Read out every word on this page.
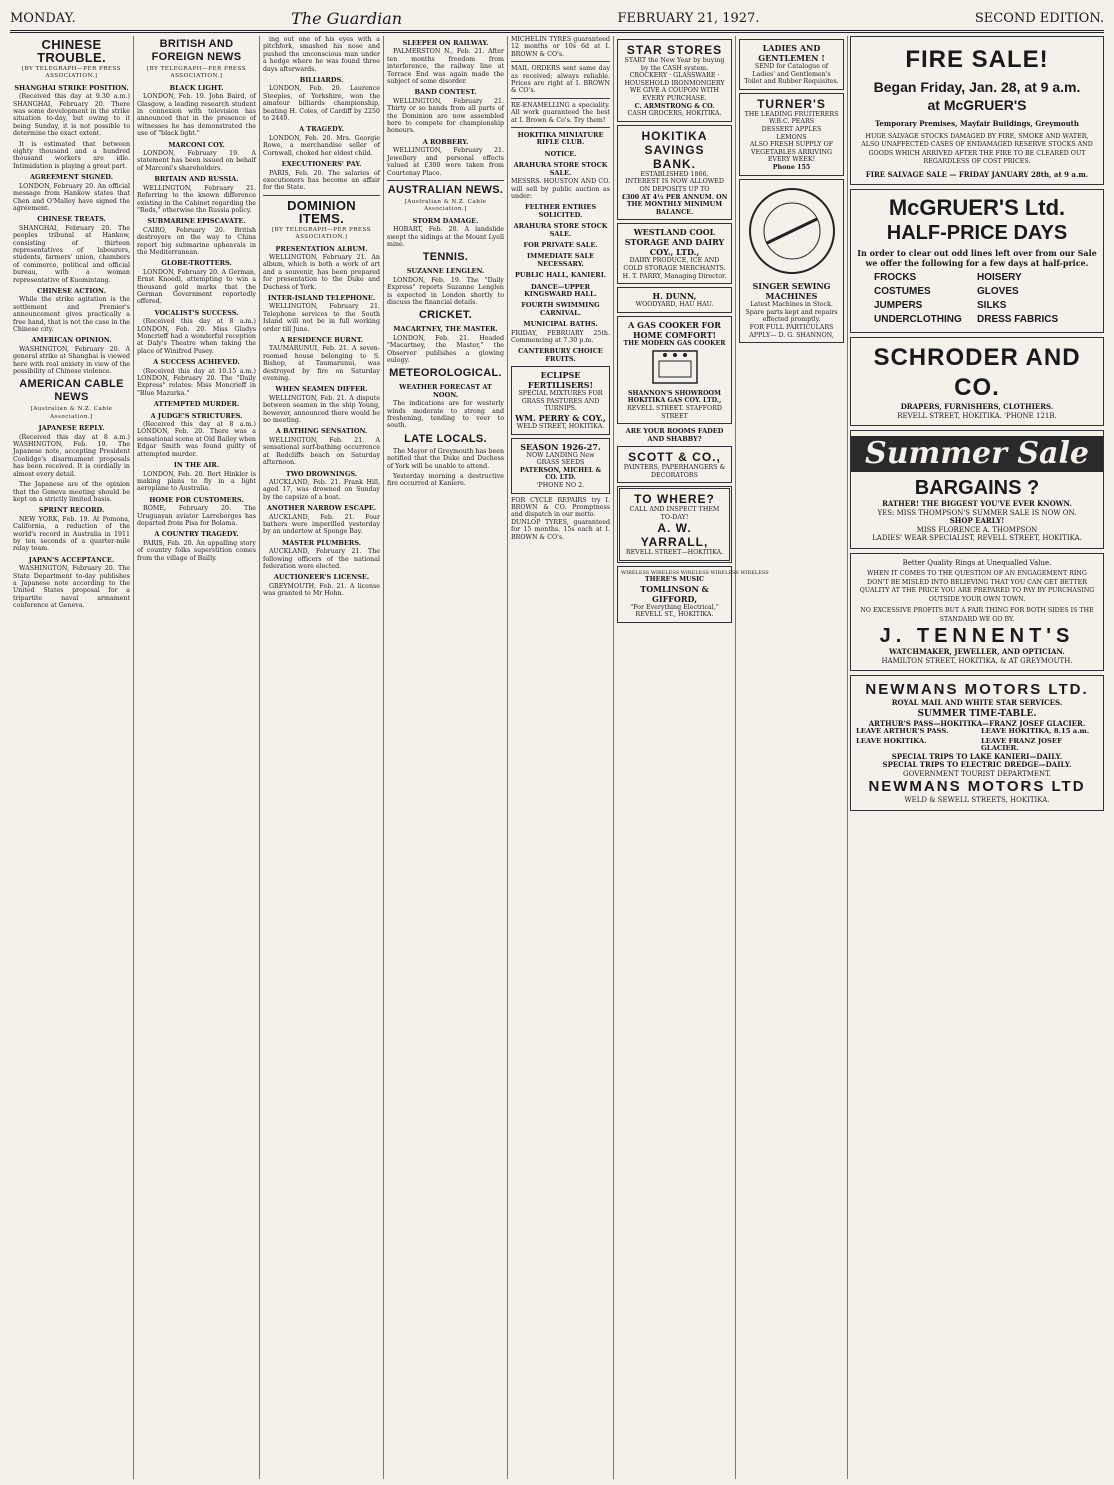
MONDAY.	The Guardian	FEBRUARY 21, 1927.	SECOND EDITION.
CHINESE TROUBLE.
[BY TELEGRAPH—PER PRESS ASSOCIATION.]
SHANGHAI STRIKE POSITION.

(Received this day at 9.30 a.m.) SHANGHAI, February 20. There was some development in the strike situation to-day, but owing to it being Sunday, it is not possible to determine the exact extent.

It is estimated that between eighty thousand and a hundred thousand workers are idle. Intimidation is playing a great part.

AGREEMENT SIGNED.

LONDON, February 20. An official message from Hankow states that Chen and O'Malley have signed the agreement.

CHINESE TREATS.

SHANGHAI, February 20. The peoples tribunal at Hankow, consisting of thirteen representatives of labourers, students, farmers' union, chambers of commerce, political and official bureau, with a woman representative of Kuomintang.

CHINESE ACTION.

While the strike agitation is the settlement and Premier's announcement gives practically a free hand, that is not the case in the Chinese city.

AMERICAN OPINION.

WASHINGTON, February 20. A general strike at Shanghai is viewed here with real anxiety in view of the possibility of Chinese violence.

AMERICAN CABLE NEWS
[Australian & N.Z. Cable Association.]
JAPANESE REPLY.

(Received this day at 8 a.m.) WASHINGTON, Feb. 19. The Japanese note, accepting President Coolidge's disarmament proposals has been received. It is cordially in almost every detail.

The Japanese are of the opinion that the Geneva meeting should be kept on a strictly limited basis.

SPRINT RECORD.

NEW YORK, Feb. 19. At Pomona, California, a reduction of the world's record in Australia in 1911 by ten seconds of a quarter-mile relay team.

JAPAN'S ACCEPTANCE.

WASHINGTON, February 20. The State Department to-day publishes a Japanese note according to the United States proposal for a tripartite naval armament conference at Geneva.

BRITISH AND FOREIGN NEWS
[BY TELEGRAPH—PER PRESS ASSOCIATION.]
BLACK LIGHT.

LONDON, Feb. 19. John Baird, of Glasgow, a leading research student in connexion with television has announced that in the presence of witnesses he has demonstrated the use of "black light."

MARCONI COY.

LONDON, February 19. A statement has been issued on behalf of Marconi's shareholders.

BRITAIN AND RUSSIA.

WELLINGTON, February 21. Referring to the known difference existing in the Cabinet regarding the "Reds," otherwise the Russia policy.

SUBMARINE EPISCAVATE.

CAIRO, February 20. British destroyers on the way to China report big submarine upheavals in the Mediterranean.

GLOBE-TROTTERS.

LONDON, February 20. A German, Ernst Knoedl, attempting to win a thousand gold marks that the German Government reportedly offered.

VOCALIST'S SUCCESS.

(Received this day at 8 a.m.) LONDON, Feb. 20. Miss Gladys Moncrieff had a wonderful reception at Daly's Theatre when taking the place of Winifred Pusey.

A SUCCESS ACHIEVED.

(Received this day at 10.15 a.m.) LONDON, February 20. The "Daily Express" relates: Miss Moncrieff in "Blue Mazurka."

ATTEMPTED MURDER.
A JUDGE'S STRICTURES.

(Received this day at 8 a.m.) LONDON, Feb. 20. There was a sensational scene at Old Bailey when Edgar Smith was found guilty of attempted murder.

IN THE AIR.

LONDON, Feb. 20. Bert Hinkler is making plans to fly in a light aeroplane to Australia.

HOME FOR CUSTOMERS.

ROME, February 20. The Uruguayan aviator Larreborges has departed from Pisa for Bolama.

A COUNTRY TRAGEDY.

PARIS, Feb. 20. An appalling story of country folks superstition comes from the village of Bailly.

ing out one of his eyes with a pitchfork, smashed his nose and pushed the unconscious man under a hedge where he was found three days afterwards.

BILLIARDS.

LONDON, Feb. 20. Laurence Steeples, of Yorkshire, won the amateur billiards championship, beating H. Coles, of Cardiff by 2250 to 2449.

A TRAGEDY.

LONDON, Feb. 20. Mrs. Georgie Rowe, a merchandise seller of Cornwall, choked her eldest child.

EXECUTIONERS' PAY.

PARIS, Feb. 20. The salaries of executioners has become an affair for the State.

DOMINION ITEMS.
[BY TELEGRAPH—PER PRESS ASSOCIATION.]
PRESENTATION ALBUM.

WELLINGTON, February 21. An album, which is both a work of art and a souvenir, has been prepared for presentation to the Duke and Duchess of York.

INTER-ISLAND TELEPHONE.

WELLINGTON, February 21. Telephone services to the South Island will not be in full working order till June.

A RESIDENCE BURNT.

TAUMARUNUI, Feb. 21. A seven-roomed house belonging to S. Bishop, at Taumarunui, was destroyed by fire on Saturday evening.

WHEN SEAMEN DIFFER.

WELLINGTON, Feb. 21. A dispute between seamen in the ship Young, however, announced there would be no meeting.

A BATHING SENSATION.

WELLINGTON, Feb. 21. A sensational surf-bathing occurrence at Redcliffs beach on Saturday afternoon.

TWO DROWNINGS.

AUCKLAND, Feb. 21. Frank Hill, aged 17, was drowned on Sunday by the capsize of a boat.

ANOTHER NARROW ESCAPE.

AUCKLAND, Feb. 21. Four bathers were imperilled yesterday by an undertow at Sponge Bay.

MASTER PLUMBERS.

AUCKLAND, February 21. The following officers of the national federation were elected.

AUCTIONEER'S LICENSE.

GREYMOUTH, Feb. 21. A license was granted to Mr Hohn.

SLEEPER ON RAILWAY.

PALMERSTON N., Feb. 21. After ten months freedom from interference, the railway line at Terrace End was again made the subject of some disorder.

BAND CONTEST.

WELLINGTON, February 21. Thirty or so bands from all parts of the Dominion are now assembled here to compete for championship honours.

A ROBBERY.

WELLINGTON, February 21. Jewellery and personal effects valued at £300 were taken from Courtenay Place.

AUSTRALIAN NEWS.
[Australian & N.Z. Cable Association.]
STORM DAMAGE.

HOBART, Feb. 20. A landslide swept the sidings at the Mount Lyell mine.

TENNIS.
SUZANNE LENGLEN.

LONDON, Feb. 19. The "Daily Express" reports Suzanne Lenglen is expected in London shortly to discuss the financial details.

CRICKET.
MACARTNEY, THE MASTER.

LONDON, Feb. 21. Headed "Macartney, the Master," the Observer publishes a glowing eulogy.

METEOROLOGICAL.
WEATHER FORECAST AT NOON.

The indications are for westerly winds moderate to strong and freshening, tending to veer to south.

LATE LOCALS.

The Mayor of Greymouth has been notified that the Duke and Duchess of York will be unable to attend.

Yesterday morning a destructive fire occurred at Kaniere.

MICHELIN TYRES guaranteed 12 months or 10s 6d at I. BROWN & CO's.
MAIL ORDERS sent same day as received; always reliable. Prices are right at I. BROWN & CO's.
RE-ENAMELLING a speciality. All work guaranteed the best at I. Brown & Co's. Try them!
HOKITIKA MINIATURE RIFLE CLUB.
NOTICE.
ARAHURA STORE STOCK SALE.
MESSRS. HOUSTON AND CO. will sell by public auction as under:
FELTHER ENTRIES SOLICITED.
ARAHURA STORE STOCK SALE.
FOR PRIVATE SALE.
IMMEDIATE SALE NECESSARY.
PUBLIC HALL, KANIERI.
DANCE—UPPER KINGSWARD HALL.
FOURTH SWIMMING CARNIVAL.
MUNICIPAL BATHS.
FRIDAY, FEBRUARY 25th. Commencing at 7.30 p.m.
CANTERBURY CHOICE FRUITS.
ECLIPSE FERTILISERS!
SPECIAL MIXTURES FOR GRASS PASTURES AND TURNIPS.
WM. PERRY & COY.,
WELD STREET, HOKITIKA.
SEASON 1926-27.
NOW LANDING New GRASS SEEDS
PATERSON, MICHEL & CO. LTD.
'PHONE NO 2.
FOR CYCLE REPAIRS try I. BROWN & CO. Promptness and dispatch in our motto.
DUNLOP TYRES, guaranteed for 15 months. 15s each at I. BROWN & CO's.
STAR STORES
START the New Year by buying by the CASH system.
CROCKERY · GLASSWARE · HOUSEHOLD IRONMONGERY
WE GIVE A COUPON WITH EVERY PURCHASE.
C. ARMSTRONG & CO.
CASH GROCERS, HOKITIKA.
HOKITIKA SAVINGS BANK.
ESTABLISHED 1866.
INTEREST IS NOW ALLOWED ON DEPOSITS UP TO
£300 AT 4½ PER ANNUM. ON THE MONTHLY MINIMUM BALANCE.
WESTLAND COOL STORAGE AND DAIRY COY., LTD.,
DAIRY PRODUCE, ICE AND COLD STORAGE MERCHANTS.
H. T. PARRY, Managing Director.
H. DUNN,
WOODYARD, HAU HAU.
A GAS COOKER FOR HOME COMFORT!
THE MODERN GAS COOKER
SHANNON'S SHOWROOM HOKITIKA GAS COY. LTD.,
REVELL STREET. STAFFORD STREET
ARE YOUR ROOMS FADED AND SHABBY?
SCOTT & CO.,
PAINTERS, PAPERHANGERS & DECORATORS
TO WHERE?
CALL AND INSPECT THEM TO-DAY!
A. W. YARRALL,
REVELL STREET—HOKITIKA.
WIRELESS WIRELESS WIRELESS WIRELESS WIRELESS
THERE'S MUSIC
TOMLINSON & GIFFORD,
"For Everything Electrical," REVELL ST., HOKITIKA.
LADIES AND GENTLEMEN !
SEND for Catalogue of Ladies' and Gentlemen's Toilet and Rubber Requisites.
TURNER'S
THE LEADING FRUITERERS
W.B.C. PEARS
DESSERT APPLES
LEMONS
ALSO FRESH SUPPLY OF VEGETABLES ARRIVING EVERY WEEK!
Phone 155
SINGER SEWING MACHINES
Latest Machines in Stock.
Spare parts kept and repairs effected promptly.
FOR FULL PARTICULARS APPLY— D. G. SHANNON,
FIRE SALE!
Began Friday, Jan. 28, at 9 a.m.
at McGRUER'S
Temporary Premises, Mayfair Buildings, Greymouth
HUGE SALVAGE STOCKS DAMAGED BY FIRE, SMOKE AND WATER, ALSO UNAFFECTED CASES OF ENDAMAGED RESERVE STOCKS AND GOODS WHICH ARRIVED AFTER THE FIRE TO BE CLEARED OUT REGARDLESS OF COST PRICES.
FIRE SALVAGE SALE — FRIDAY JANUARY 28th, at 9 a.m.
McGRUER'S Ltd.
HALF-PRICE DAYS
In order to clear out odd lines left over from our Sale we offer the following for a few days at half-price.
FROCKS	HOISERY
COSTUMES	GLOVES
JUMPERS	SILKS
UNDERCLOTHING	DRESS FABRICS
SCHRODER AND CO.
DRAPERS, FURNISHERS, CLOTHIERS.
REVELL STREET, HOKITIKA. 'PHONE 121B.
Summer Sale
BARGAINS ?
RATHER! THE BIGGEST YOU'VE EVER KNOWN.
YES: MISS THOMPSON'S SUMMER SALE IS NOW ON.
SHOP EARLY!
MISS FLORENCE A. THOMPSON
LADIES' WEAR SPECIALIST, REVELL STREET, HOKITIKA.
Better Quality Rings at Unequalled Value.
WHEN IT COMES TO THE QUESTION OF AN ENGAGEMENT RING DON'T BE MISLED INTO BELIEVING THAT YOU CAN GET BETTER QUALITY AT THE PRICE YOU ARE PREPARED TO PAY BY PURCHASING OUTSIDE YOUR OWN TOWN.
NO EXCESSIVE PROFITS BUT A FAIR THING FOR BOTH SIDES IS THE STANDARD WE GO BY.
J. TENNENT'S
WATCHMAKER, JEWELLER, AND OPTICIAN.
HAMILTON STREET, HOKITIKA, & AT GREYMOUTH.
NEWMANS MOTORS LTD.
ROYAL MAIL AND WHITE STAR SERVICES.
SUMMER TIME-TABLE.
ARTHUR'S PASS—HOKITIKA—FRANZ JOSEF GLACIER.
LEAVE ARTHUR'S PASS.	LEAVE HOKITIKA, 8.15 a.m.
LEAVE HOKITIKA.	LEAVE FRANZ JOSEF GLACIER.
SPECIAL TRIPS TO LAKE KANIERI—DAILY.
SPECIAL TRIPS TO ELECTRIC DREDGE—DAILY.
GOVERNMENT TOURIST DEPARTMENT.
NEWMANS MOTORS LTD
WELD & SEWELL STREETS, HOKITIKA.
